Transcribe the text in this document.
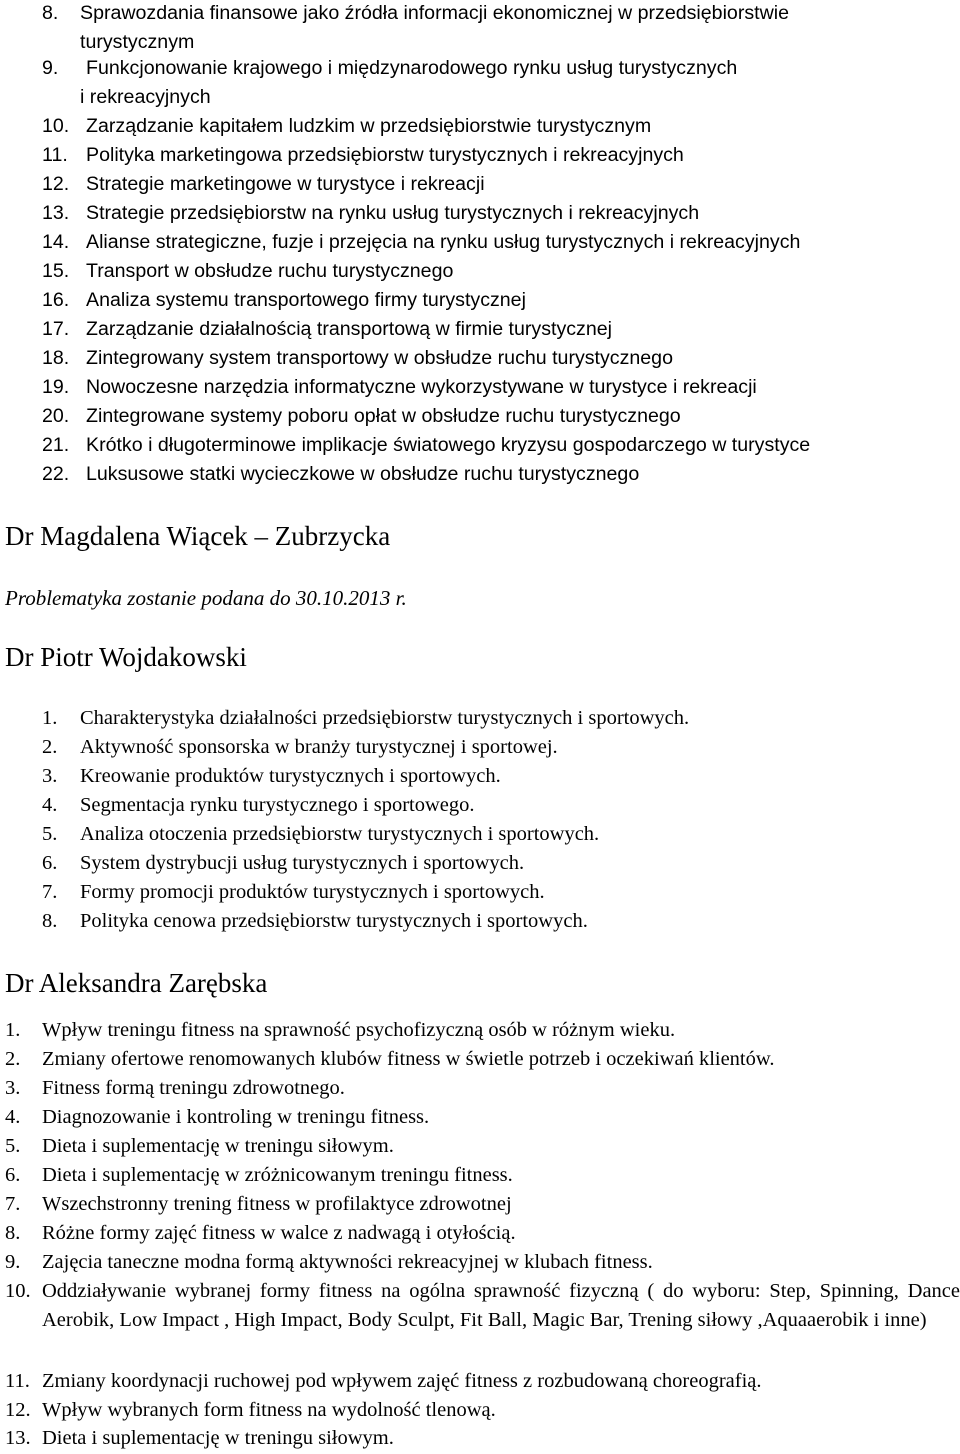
8. Sprawozdania finansowe jako źródła informacji ekonomicznej w przedsiębiorstwie
turystycznym
9.	Funkcjonowanie krajowego i międzynarodowego rynku usług turystycznych
i rekreacyjnych
10. Zarządzanie kapitałem ludzkim w przedsiębiorstwie turystycznym
11. Polityka marketingowa przedsiębiorstw turystycznych i rekreacyjnych
12. Strategie marketingowe w turystyce i rekreacji
13. Strategie przedsiębiorstw na rynku usług turystycznych i rekreacyjnych
14. Alianse strategiczne, fuzje i przejęcia na rynku usług turystycznych i rekreacyjnych
15. Transport w obsłudze ruchu turystycznego
16. Analiza systemu transportowego firmy turystycznej
17. Zarządzanie działalnością transportową w firmie turystycznej
18. Zintegrowany system transportowy w obsłudze ruchu turystycznego
19. Nowoczesne narzędzia informatyczne wykorzystywane w turystyce i rekreacji
20. Zintegrowane systemy poboru opłat w obsłudze ruchu turystycznego
21. Krótko i długoterminowe implikacje światowego kryzysu gospodarczego w turystyce
22. Luksusowe statki wycieczkowe w obsłudze ruchu turystycznego
Dr Magdalena Wiącek – Zubrzycka
Problematyka zostanie podana do 30.10.2013 r.
Dr Piotr Wojdakowski
1. Charakterystyka działalności przedsiębiorstw turystycznych i sportowych.
2. Aktywność sponsorska w branży turystycznej i sportowej.
3. Kreowanie produktów turystycznych i sportowych.
4. Segmentacja rynku turystycznego i sportowego.
5. Analiza otoczenia przedsiębiorstw turystycznych i sportowych.
6. System dystrybucji usług turystycznych i sportowych.
7. Formy promocji produktów turystycznych i sportowych.
8. Polityka cenowa przedsiębiorstw turystycznych i sportowych.
Dr Aleksandra Zarębska
1. Wpływ treningu fitness na sprawność psychofizyczną osób w różnym wieku.
2. Zmiany ofertowe renomowanych klubów fitness w świetle potrzeb i oczekiwań klientów.
3. Fitness formą treningu zdrowotnego.
4. Diagnozowanie i kontroling w treningu fitness.
5. Dieta i suplementację w treningu siłowym.
6. Dieta i suplementację w zróżnicowanym treningu fitness.
7. Wszechstronny trening fitness w profilaktyce zdrowotnej
8. Różne formy zajęć fitness w walce z nadwagą i otyłością.
9. Zajęcia taneczne modna formą aktywności rekreacyjnej w klubach fitness.
10. Oddziaływanie wybranej formy fitness na ogólna sprawność fizyczną ( do wyboru: Step, Spinning, Dance Aerobik, Low Impact , High Impact, Body Sculpt, Fit Ball, Magic Bar, Trening siłowy ,Aquaaerobik i inne)
11. Zmiany koordynacji ruchowej pod wpływem zajęć fitness z rozbudowaną choreografią.
12. Wpływ wybranych form fitness na wydolność tlenową.
13. Dieta i suplementację w treningu siłowym.
